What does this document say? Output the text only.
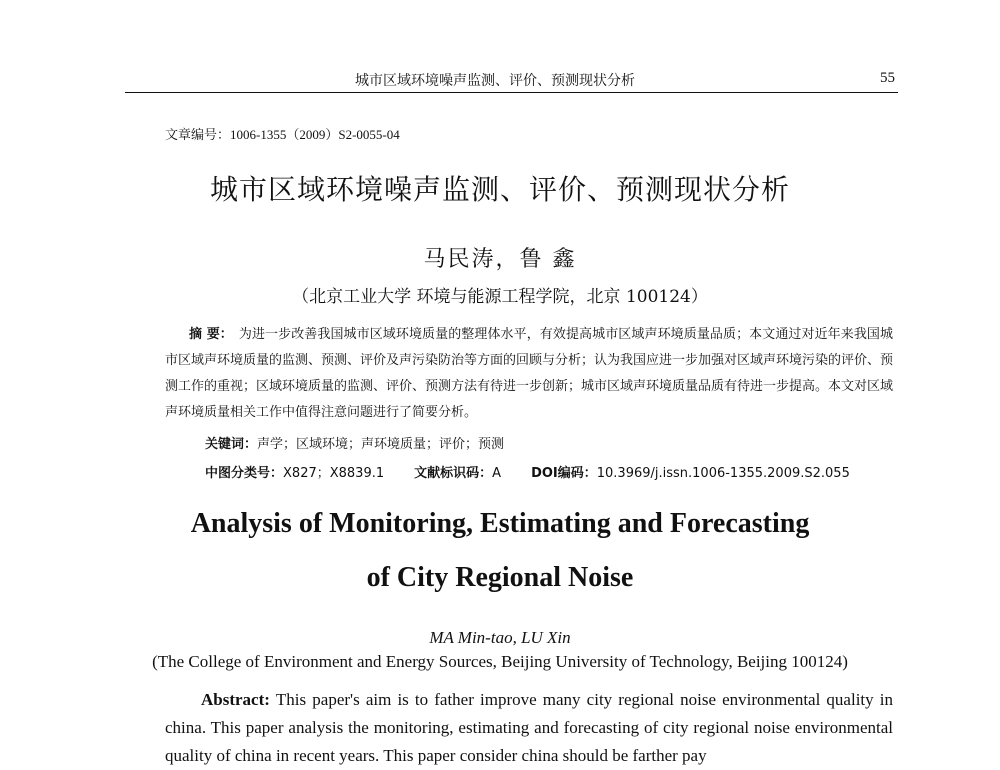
城市区域环境噪声监测、评价、预测现状分析	55
文章编号：1006-1355（2009）S2-0055-04
城市区域环境噪声监测、评价、预测现状分析
马民涛，鲁 鑫
（北京工业大学 环境与能源工程学院，北京 100124）
摘 要： 为进一步改善我国城市区域环境质量的整理体水平，有效提高城市区域声环境质量品质；本文通过对近年来我国城市区域声环境质量的监测、预测、评价及声污染防治等方面的回顾与分析；认为我国应进一步加强对区域声环境污染的评价、预测工作的重视；区域环境质量的监测、评价、预测方法有待进一步创新；城市区域声环境质量品质有待进一步提高。本文对区域声环境质量相关工作中值得注意问题进行了简要分析。
关键词：声学；区域环境；声环境质量；评价；预测
中图分类号：X827；X8839.1 文献标识码：A DOI编码：10.3969/j.issn.1006-1355.2009.S2.055
Analysis of Monitoring, Estimating and Forecasting
of City Regional Noise
MA Min-tao, LU Xin
(The College of Environment and Energy Sources, Beijing University of Technology, Beijing 100124)
Abstract: This paper's aim is to father improve many city regional noise environmental quality in china. This paper analysis the monitoring, estimating and forecasting of city regional noise environmental quality of china in recent years. This paper consider china should be farther pay
